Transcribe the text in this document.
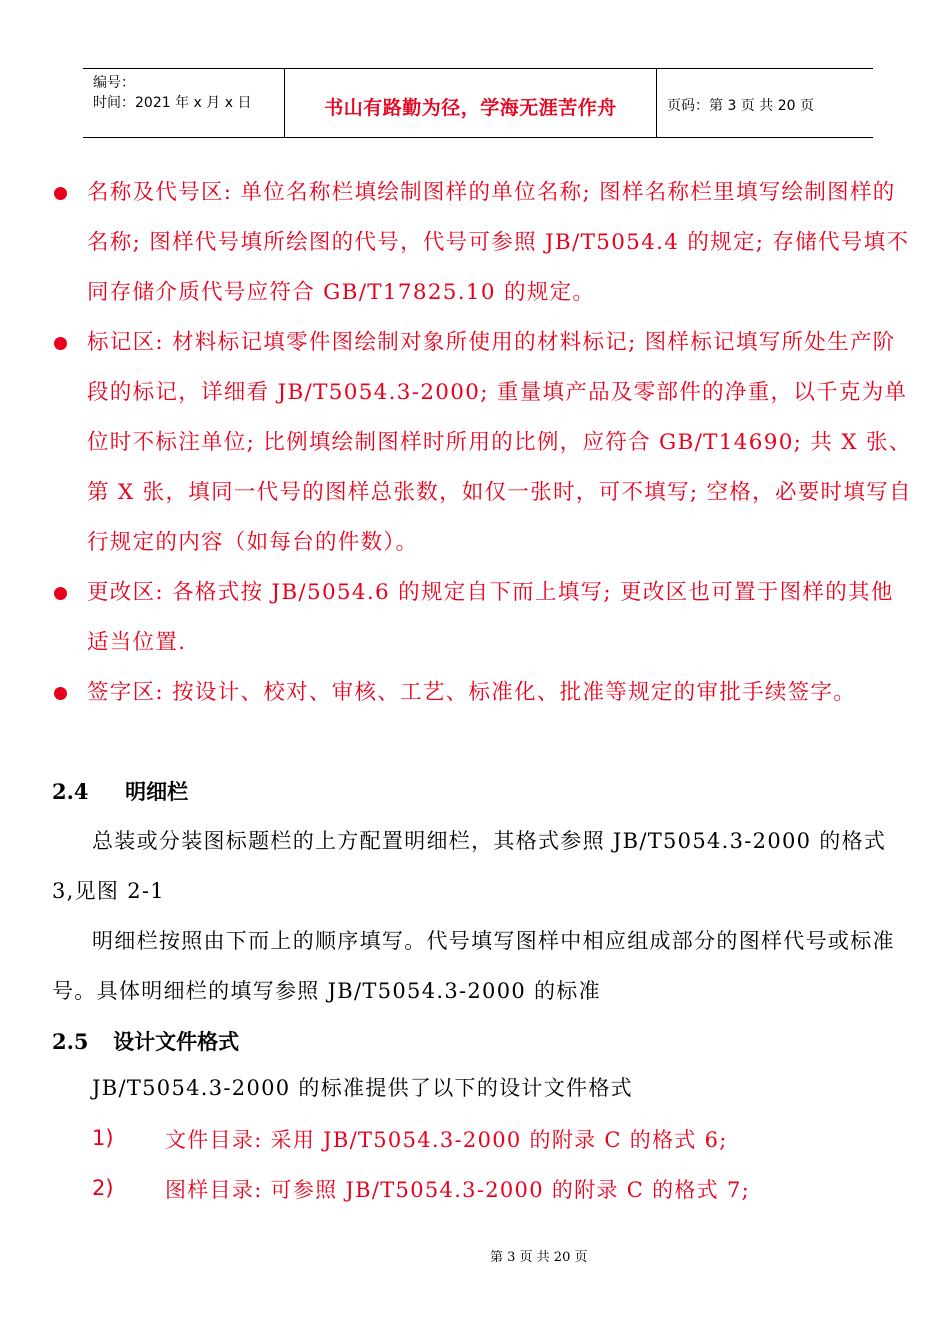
编号：
时间：2021 年 x 月 x 日	书山有路勤为径，学海无涯苦作舟	页码：第 3 页 共 20 页
名称及代号区: 单位名称栏填绘制图样的单位名称; 图样名称栏里填写绘制图样的名称; 图样代号填所绘图的代号，代号可参照 JB/T5054.4 的规定; 存储代号填不同存储介质代号应符合 GB/T17825.10 的规定。
标记区: 材料标记填零件图绘制对象所使用的材料标记; 图样标记填写所处生产阶段的标记，详细看 JB/T5054.3-2000; 重量填产品及零部件的净重，以千克为单位时不标注单位; 比例填绘制图样时所用的比例，应符合 GB/T14690; 共 X 张、第 X 张，填同一代号的图样总张数，如仅一张时，可不填写; 空格，必要时填写自行规定的内容（如每台的件数）。
更改区: 各格式按 JB/5054.6 的规定自下而上填写; 更改区也可置于图样的其他适当位置.
签字区: 按设计、校对、审核、工艺、标准化、批准等规定的审批手续签字。
2.4 明细栏
总装或分装图标题栏的上方配置明细栏，其格式参照 JB/T5054.3-2000 的格式 3,见图 2-1
明细栏按照由下而上的顺序填写。代号填写图样中相应组成部分的图样代号或标准号。具体明细栏的填写参照 JB/T5054.3-2000 的标准
2.5 设计文件格式
JB/T5054.3-2000 的标准提供了以下的设计文件格式
1) 文件目录: 采用 JB/T5054.3-2000 的附录 C 的格式 6;
2) 图样目录: 可参照 JB/T5054.3-2000 的附录 C 的格式 7;
第 3 页 共 20 页
